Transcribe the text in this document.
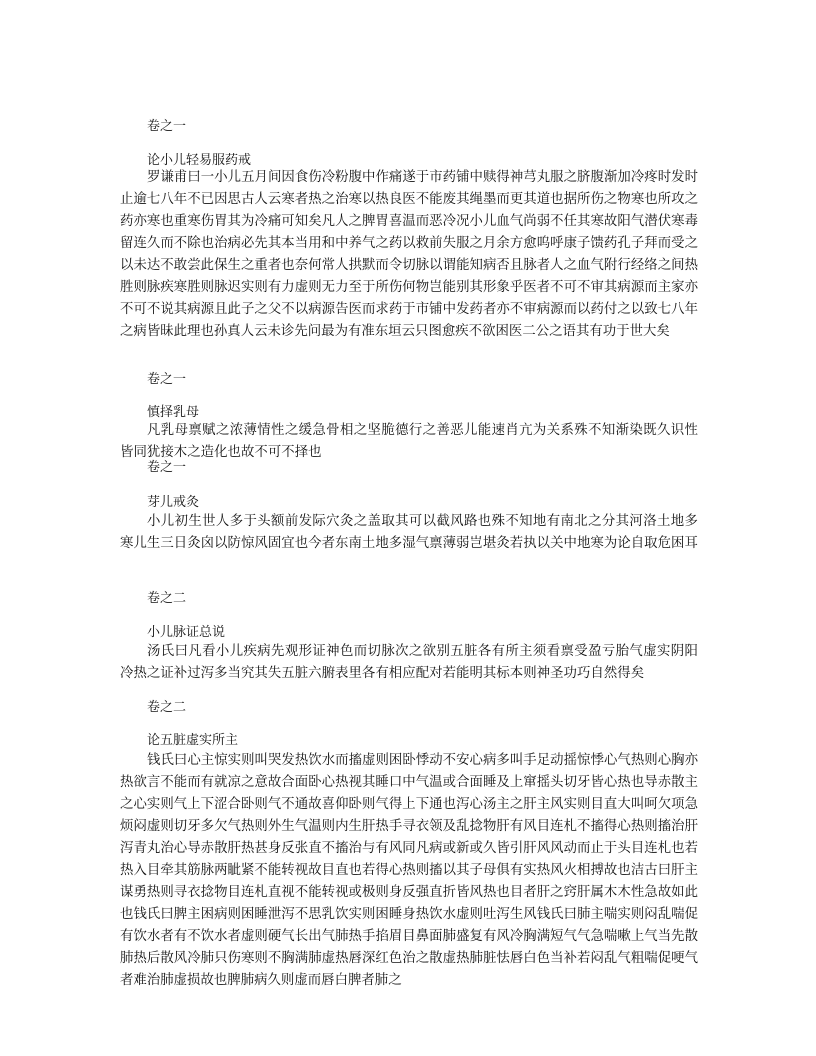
卷之一

论小儿轻易服药戒

罗谦甫曰一小儿五月间因食伤冷粉腹中作痛遂于市药铺中赎得神芎丸服之脐腹渐加冷疼时发时止逾七八年不已因思古人云寒者热之治寒以热良医不能废其绳墨而更其道也据所伤之物寒也所攻之药亦寒也重寒伤胃其为冷痛可知矣凡人之脾胃喜温而恶冷况小儿血气尚弱不任其寒故阳气潜伏寒毒留连久而不除也治病必先其本当用和中养气之药以救前失服之月余方愈呜呼康子馈药孔子拜而受之以未达不敢尝此保生之重者也奈何常人拱默而令切脉以谓能知病否且脉者人之血气附行经络之间热胜则脉疾寒胜则脉迟实则有力虚则无力至于所伤何物岂能别其形象乎医者不可不审其病源而主家亦不可不说其病源且此子之父不以病源告医而求药于市铺中发药者亦不审病源而以药付之以致七八年之病皆昧此理也孙真人云未诊先问最为有准东垣云只图愈疾不欲困医二公之语其有功于世大矣

卷之一

慎择乳母

凡乳母禀赋之浓薄情性之缓急骨相之坚脆德行之善恶儿能速肖亢为关系殊不知渐染既久识性皆同犹接木之造化也故不可不择也

卷之一

芽儿戒灸

小儿初生世人多于头额前发际穴灸之盖取其可以截风路也殊不知地有南北之分其河洛土地多寒儿生三日灸囟以防惊风固宜也今者东南土地多湿气禀薄弱岂堪灸若执以关中地寒为论自取危困耳

卷之二

小儿脉证总说

汤氏曰凡看小儿疾病先观形证神色而切脉次之欲别五脏各有所主须看禀受盈亏胎气虚实阴阳冷热之证补过泻多当究其失五脏六腑表里各有相应配对若能明其标本则神圣功巧自然得矣

卷之二

论五脏虚实所主

钱氏曰心主惊实则叫哭发热饮水而搐虚则困卧悸动不安心病多叫手足动摇惊悸心气热则心胸亦热欲言不能而有就凉之意故合面卧心热视其睡口中气温或合面睡及上窜摇头切牙皆心热也导赤散主之心实则气上下涩合卧则气不通故喜仰卧则气得上下通也泻心汤主之肝主风实则目直大叫呵欠项急烦闷虚则切牙多欠气热则外生气温则内生肝热手寻衣领及乱捻物肝有风目连札不搐得心热则搐治肝泻青丸治心导赤散肝热甚身反张直不搐治与有风同凡病或新或久皆引肝风风动而止于头目连札也若热入目牵其筋脉两眦紧不能转视故目直也若得心热则搐以其子母俱有实热风火相搏故也洁古曰肝主谋勇热则寻衣捻物目连札直视不能转视或极则身反强直折皆风热也目者肝之窍肝属木木性急故如此也钱氏曰脾主困病则困睡泄泻不思乳饮实则困睡身热饮水虚则吐泻生风钱氏曰肺主喘实则闷乱喘促有饮水者有不饮水者虚则硬气长出气肺热手掐眉目鼻面肺盛复有风冷胸满短气气急喘嗽上气当先散肺热后散风冷肺只伤寒则不胸满肺虚热唇深红色治之散虚热肺脏怯唇白色当补若闷乱气粗喘促哽气者难治肺虚损故也脾肺病久则虚而唇白脾者肺之
